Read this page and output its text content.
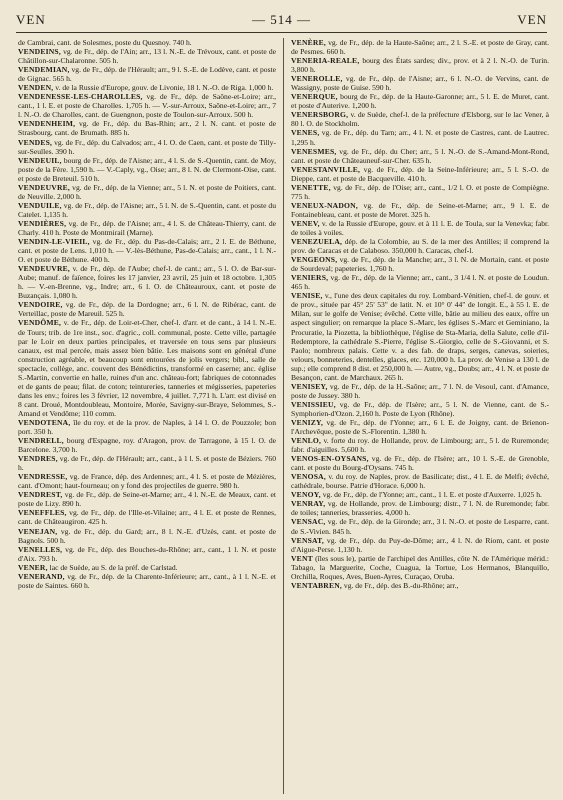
VEN	— 514 —	VEN

de Cambrai, cant. de Solesmes, poste du Quesnoy. 740 h.

VENDEINS, vg. de Fr., dép. de l'Ain; arr., 13 l. N.-E. de Trévoux, cant. et poste de Châtillon-sur-Chalaronne. 505 h.

VENDEMIAN, vg. de Fr., dép. de l'Hérault; arr., 9 l. S.-E. de Lodève, cant. et poste de Gignac. 565 h.

VENDEN, v. de la Russie d'Europe, gouv. de Livonie, 18 l. N.-O. de Riga. 1,000 h.

VENDENESSE-LES-CHAROLLES, vg. de Fr., dép. de Saône-et-Loire; arr., cant., 1 l. E. et poste de Charolles. 1,705 h. — V.-sur-Arroux, Saône-et-Loire; arr., 7 l. N.-O. de Charolles, cant. de Guengnon, poste de Toulon-sur-Arroux. 500 h.

VENDENHEIM, vg. de Fr., dép. du Bas-Rhin; arr., 2 l. N. cant. et poste de Strasbourg, cant. de Brumath. 885 h.

VENDES, vg. de Fr., dép. du Calvados; arr., 4 l. O. de Caen, cant. et poste de Tilly-sur-Seulles. 390 h.

VENDEUIL, bourg de Fr., dép. de l'Aisne; arr., 4 l. S. de S.-Quentin, cant. de Moy, poste de la Fère. 1,590 h. — V.-Caply, vg., Oise; arr., 8 l. N. de Clermont-Oise, cant. et poste de Breteuil. 510 h.

VENDEUVRE, vg. de Fr., dép. de la Vienne; arr., 5 l. N. et poste de Poitiers, cant. de Neuville. 2,000 h.

VENDUILE, vg. de Fr., dép. de l'Aisne; arr., 5 l. N. de S.-Quentin, cant. et poste du Catelet. 1,135 h.

VENDIÈRES, vg. de Fr., dép. de l'Aisne; arr., 4 l. S. de Château-Thierry, cant. de Charly. 410 h. Poste de Montmirail (Marne).

VENDIN-LE-VIEIL, vg. de Fr., dép. du Pas-de-Calais; arr., 2 l. E. de Béthune, cant. et poste de Lens. 1,010 h. — V.-lès-Béthune, Pas-de-Calais; arr., cant., 1 l. N.-O. et poste de Béthune. 400 h.

VENDEUVRE, v. de Fr., dép. de l'Aube; chef-l. de cant.; arr., 5 l. O. de Bar-sur-Aube; manuf. de faïence, foires les 17 janvier, 23 avril, 25 juin et 18 octobre. 1,305 h. — V.-en-Brenne, vg., Indre; arr., 6 l. O. de Châteauroux, cant. et poste de Buzançais. 1,080 h.

VENDOIRE, vg. de Fr., dép. de la Dordogne; arr., 6 l. N. de Ribérac, cant. de Verteillac, poste de Mareuil. 525 h.

VENDÔME, v. de Fr., dép. de Loir-et-Cher, chef-l. d'arr. et de cant., à 14 l. N.-E. de Tours; trib. de 1re inst., soc. d'agric., coll. communal, poste. Cette ville, partagée par le Loir en deux parties principales, et traversée en tous sens par plusieurs canaux, est mal percée, mais assez bien bâtie. Les maisons sont en général d'une construction agréable, et beaucoup sont entourées de jolis vergers; bibl., salle de spectacle, collège, anc. couvent des Bénédictins, transformé en caserne; anc. église S.-Martin, convertie en halle, ruines d'un anc. château-fort; fabriques de cotonnades et de gants de peau; filat. de coton; teintureries, tanneries et mégisseries, papeteries dans les env.; foires les 3 février, 12 novembre, 4 juillet. 7,771 h. L'arr. est divisé en 8 cant. Droué, Montdoubleau, Montoire, Morée, Savigny-sur-Braye, Selommes, S.-Amand et Vendôme; 110 comm.

VENDOTENA, île du roy. et de la prov. de Naples, à 14 l. O. de Pouzzole; bon port. 350 h.

VENDRELL, bourg d'Espagne, roy. d'Aragon, prov. de Tarragone, à 15 l. O. de Barcelone. 3,700 h.

VENDRES, vg. de Fr., dép. de l'Hérault; arr., cant., à 1 l. S. et poste de Béziers. 760 h.

VENDRESSE, vg. de France, dép. des Ardennes; arr., 4 l. S. et poste de Mézières, cant. d'Omont; haut-fourneau; on y fond des projectiles de guerre. 980 h.

VENDREST, vg. de Fr., dép. de Seine-et-Marne; arr., 4 l. N.-E. de Meaux, cant. et poste de Lizy. 890 h.

VENEFFLES, vg. de Fr., dép. de l'Ille-et-Vilaine; arr., 4 l. E. et poste de Rennes, cant. de Châteaugiron. 425 h.

VENEJAN, vg. de Fr., dép. du Gard; arr., 8 l. N.-E. d'Uzès, cant. et poste de Bagnols. 500 h.

VENELLES, vg. de Fr., dép. des Bouches-du-Rhône; arr., cant., 1 l. N. et poste d'Aix. 793 h.

VENER, lac de Suède, au S. de la préf. de Carlstad.

VENERAND, vg. de Fr., dép. de la Charente-Inférieure; arr., cant., à 1 l. N.-E. et poste de Saintes. 660 h.

VENÈRE, vg. de Fr., dép. de la Haute-Saône; arr., 2 l. S.-E. et poste de Gray, cant. de Pesmes. 660 h.

VENERIA-REALE, bourg des États sardes; div., prov. et à 2 l. N.-O. de Turin. 3,800 h.

VENEROLLE, vg. de Fr., dép. de l'Aisne; arr., 6 l. N.-O. de Vervins, cant. de Wassigny, poste de Guise. 590 h.

VENERQUE, bourg de Fr., dép. de la Haute-Garonne; arr., 5 l. E. de Muret, cant. et poste d'Auterive. 1,200 h.

VENERSBORG, v. de Suède, chef-l. de la préfecture d'Elsborg, sur le lac Vener, à 80 l. O. de Stockholm.

VENES, vg. de Fr., dép. du Tarn; arr., 4 l. N. et poste de Castres, cant. de Lautrec. 1,295 h.

VENESMES, vg. de Fr., dép. du Cher; arr., 5 l. N.-O. de S.-Amand-Mont-Rond, cant. et poste de Châteauneuf-sur-Cher. 635 h.

VENESTANVILLE, vg. de Fr., dép. de la Seine-Inférieure; arr., 5 l. S.-O. de Dieppe, cant. et poste de Bacqueville. 410 h.

VENETTE, vg. de Fr., dép. de l'Oise; arr., cant., 1/2 l. O. et poste de Compiègne. 775 h.

VENEUX-NADON, vg. de Fr., dép. de Seine-et-Marne; arr., 9 l. E. de Fontainebleau, cant. et poste de Moret. 325 h.

VENEV, v. de la Russie d'Europe, gouv. et à 11 l. E. de Toula, sur la Venevka; fabr. de toiles à voiles.

VENEZUELA, dép. de la Colombie, au S. de la mer des Antilles; il comprend la prov. de Caracas et de Calaboso. 350,000 h. Caracas, chef-l.

VENGEONS, vg. de Fr., dép. de la Manche; arr., 3 l. N. de Mortain, cant. et poste de Sourdeval; papeteries. 1,760 h.

VENIERS, vg. de Fr., dép. de la Vienne; arr., cant., 3 1/4 l. N. et poste de Loudun. 465 h.

VENISE, v., l'une des deux capitales du roy. Lombard-Vénitien, chef-l. de gouv. et de prov., située par 45° 25' 53" de latit. N. et 10° 0' 44" de longit. E., à 55 l. E. de Milan, sur le golfe de Venise; évêché. Cette ville, bâtie au milieu des eaux, offre un aspect singulier; on remarque la place S.-Marc, les églises S.-Marc et Geminiano, la Procuratie, la Piozetta, la bibliothèque, l'église de Sta-Maria, della Salute, celle d'il-Redemptore, la cathédrale S.-Pierre, l'église S.-Giorgio, celle de S.-Giovanni, et S. Paolo; nombreux palais. Cette v. a des fab. de draps, serges, canevas, soieries, velours, bonneteries, dentelles, glaces, etc. 120,000 h. La prov. de Venise a 130 l. de sup.; elle comprend 8 dist. et 250,000 h. — Autre, vg., Doubs; arr., 4 l. N. et poste de Besançon, cant. de Marchaux. 265 h.

VENISEY, vg. de Fr., dép. de la H.-Saône; arr., 7 l. N. de Vesoul, cant. d'Amance, poste de Jussey. 380 h.

VENISSIEU, vg. de Fr., dép. de l'Isère; arr., 5 l. N. de Vienne, cant. de S.-Symphorien-d'Ozon. 2,160 h. Poste de Lyon (Rhône).

VENIZY, vg. de Fr., dép. de l'Yonne; arr., 6 l. E. de Joigny, cant. de Brienon-l'Archevêque, poste de S.-Florentin. 1,380 h.

VENLO, v. forte du roy. de Hollande, prov. de Limbourg; arr., 5 l. de Ruremonde; fabr. d'aiguilles. 5,600 h.

VENOS-EN-OYSANS, vg. de Fr., dép. de l'Isère; arr., 10 l. S.-E. de Grenoble, cant. et poste du Bourg-d'Oysans. 745 h.

VENOSA, v. du roy. de Naples, prov. de Basilicate; dist., 4 l. E. de Melfi; évêché, cathédrale, bourse. Patrie d'Horace. 6,000 h.

VENOY, vg. de Fr., dép. de l'Yonne; arr., cant., 1 l. E. et poste d'Auxerre. 1,025 h.

VENRAY, vg. de Hollande, prov. de Limbourg; distr., 7 l. N. de Ruremonde; fabr. de toiles; tanneries, brasseries. 4,000 h.

VENSAC, vg. de Fr., dép. de la Gironde; arr., 3 l. N.-O. et poste de Lesparre, cant. de S.-Vivien. 845 h.

VENSAT, vg. de Fr., dép. du Puy-de-Dôme; arr., 4 l. N. de Riom, cant. et poste d'Aigue-Perse. 1,130 h.

VENT (îles sous le), partie de l'archipel des Antilles, côte N. de l'Amérique mérid.: Tabago, la Marguerite, Coche, Cuagua, la Tortue, Los Hermanos, Blanquillo, Orchilla, Roques, Aves, Buen-Ayres, Curaçao, Oruba.

VENTABREN, vg. de Fr., dép. des B.-du-Rhône; arr.,
